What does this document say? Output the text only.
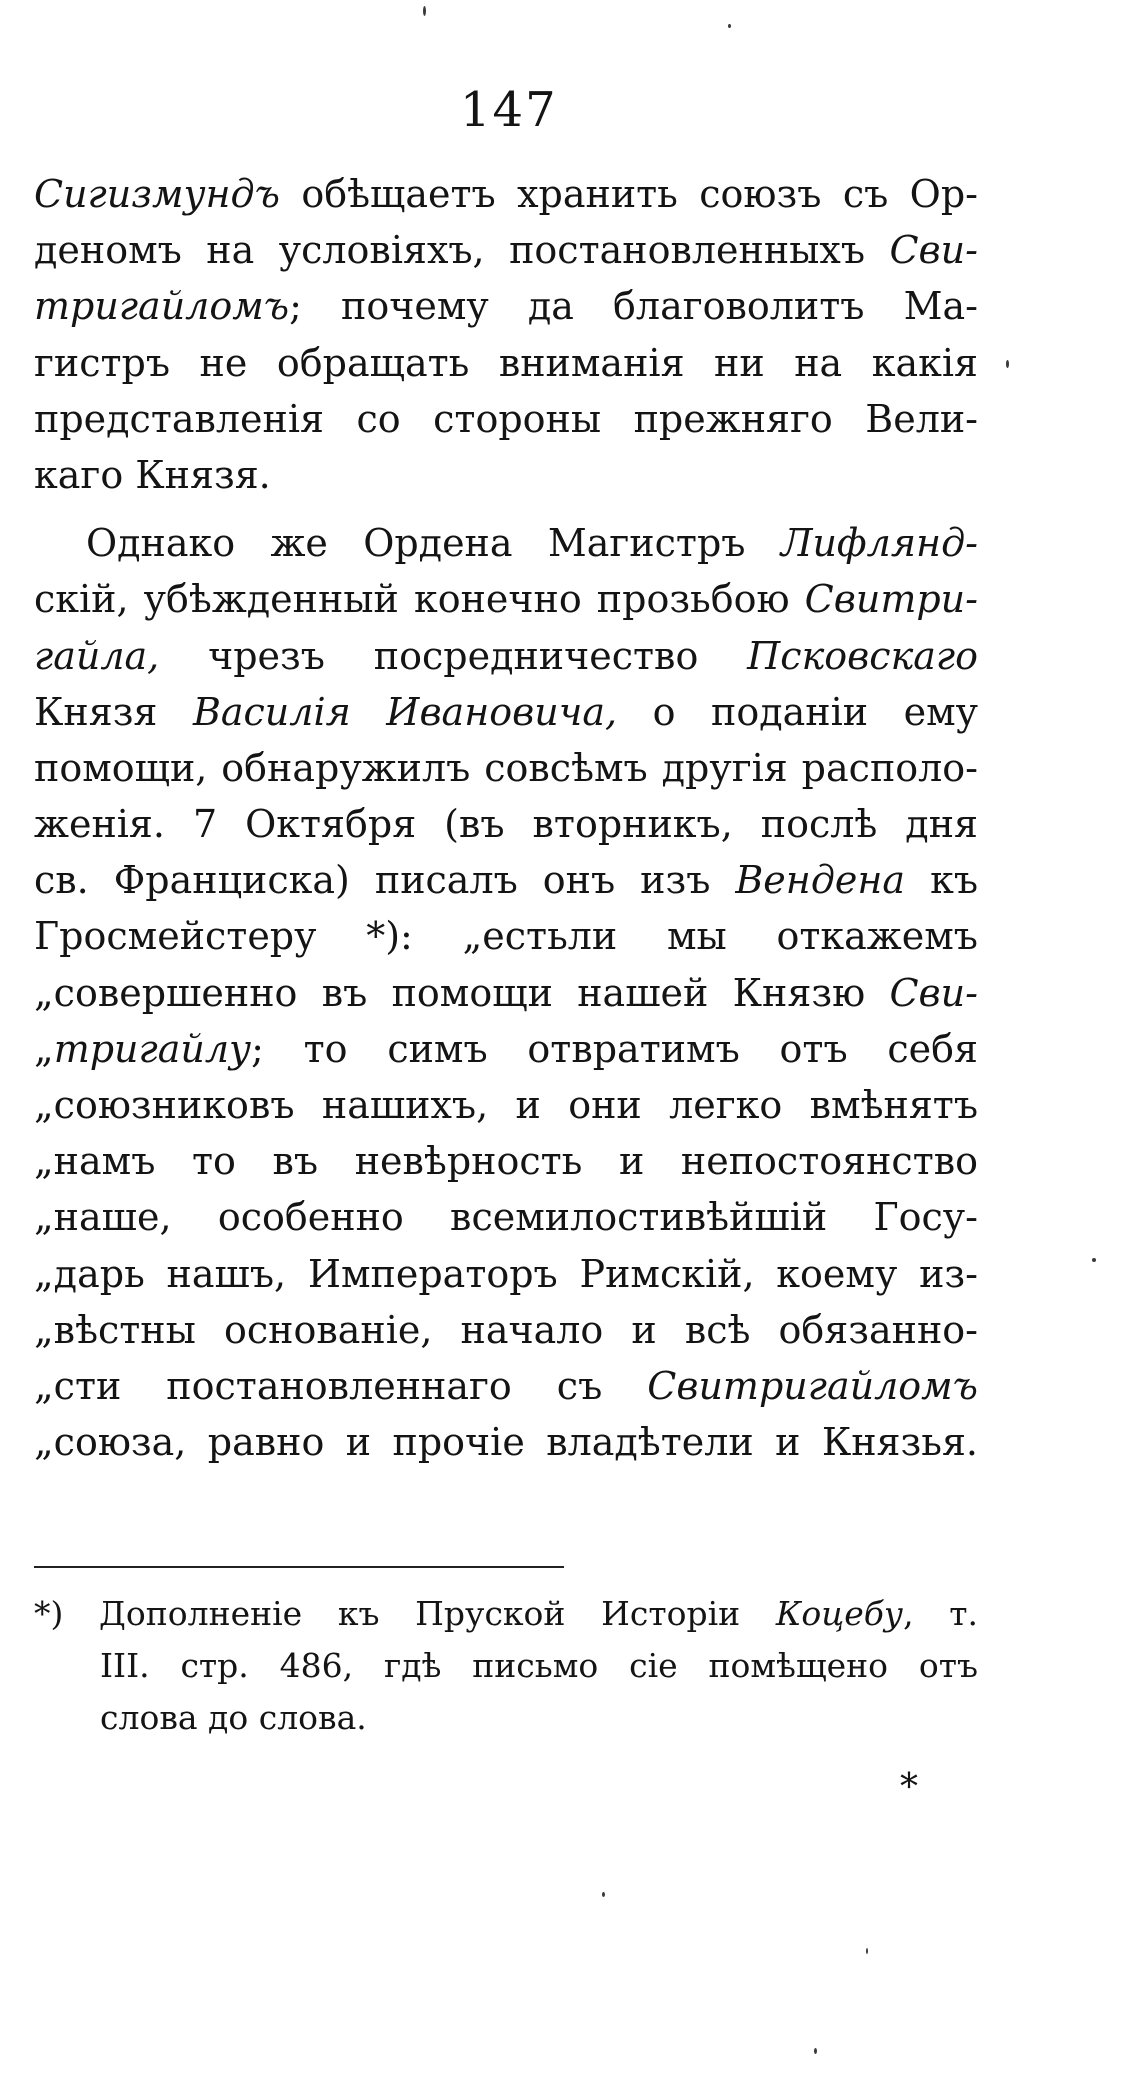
147
Сигизмундъ обѣщаетъ хранить союзъ съ Ор-
деномъ на условіяхъ, постановленныхъ Сви-
тригайломъ; почему да благоволитъ Ма-
гистръ не обращать вниманія ни на какія
представленія со стороны прежняго Вели-
каго Князя.
Однако же Ордена Магистръ Лифлянд-
скій, убѣжденный конечно прозьбою Свитри-
гайла, чрезъ посредничество Псковскаго
Князя Василія Ивановича, о поданіи ему
помощи, обнаружилъ совсѣмъ другія располо-
женія. 7 Октября (въ вторникъ, послѣ дня
св. Франциска) писалъ онъ изъ Вендена къ
Гросмейстеру *): „естьли мы откажемъ
„совершенно въ помощи нашей Князю Сви-
„тригайлу; то симъ отвратимъ отъ себя
„союзниковъ нашихъ, и они легко вмѣнятъ
„намъ то въ невѣрность и непостоянство
„наше, особенно всемилостивѣйшій Госу-
„дарь нашъ, Императоръ Римскій, коему из-
„вѣстны основаніе, начало и всѣ обязанно-
„сти постановленнаго съ Свитригайломъ
„союза, равно и прочіе владѣтели и Князья.
*) Дополненіе къ Пруской Исторіи Коцебу, т.
III. стр. 486, гдѣ письмо сіе помѣщено отъ
слова до слова.
*
